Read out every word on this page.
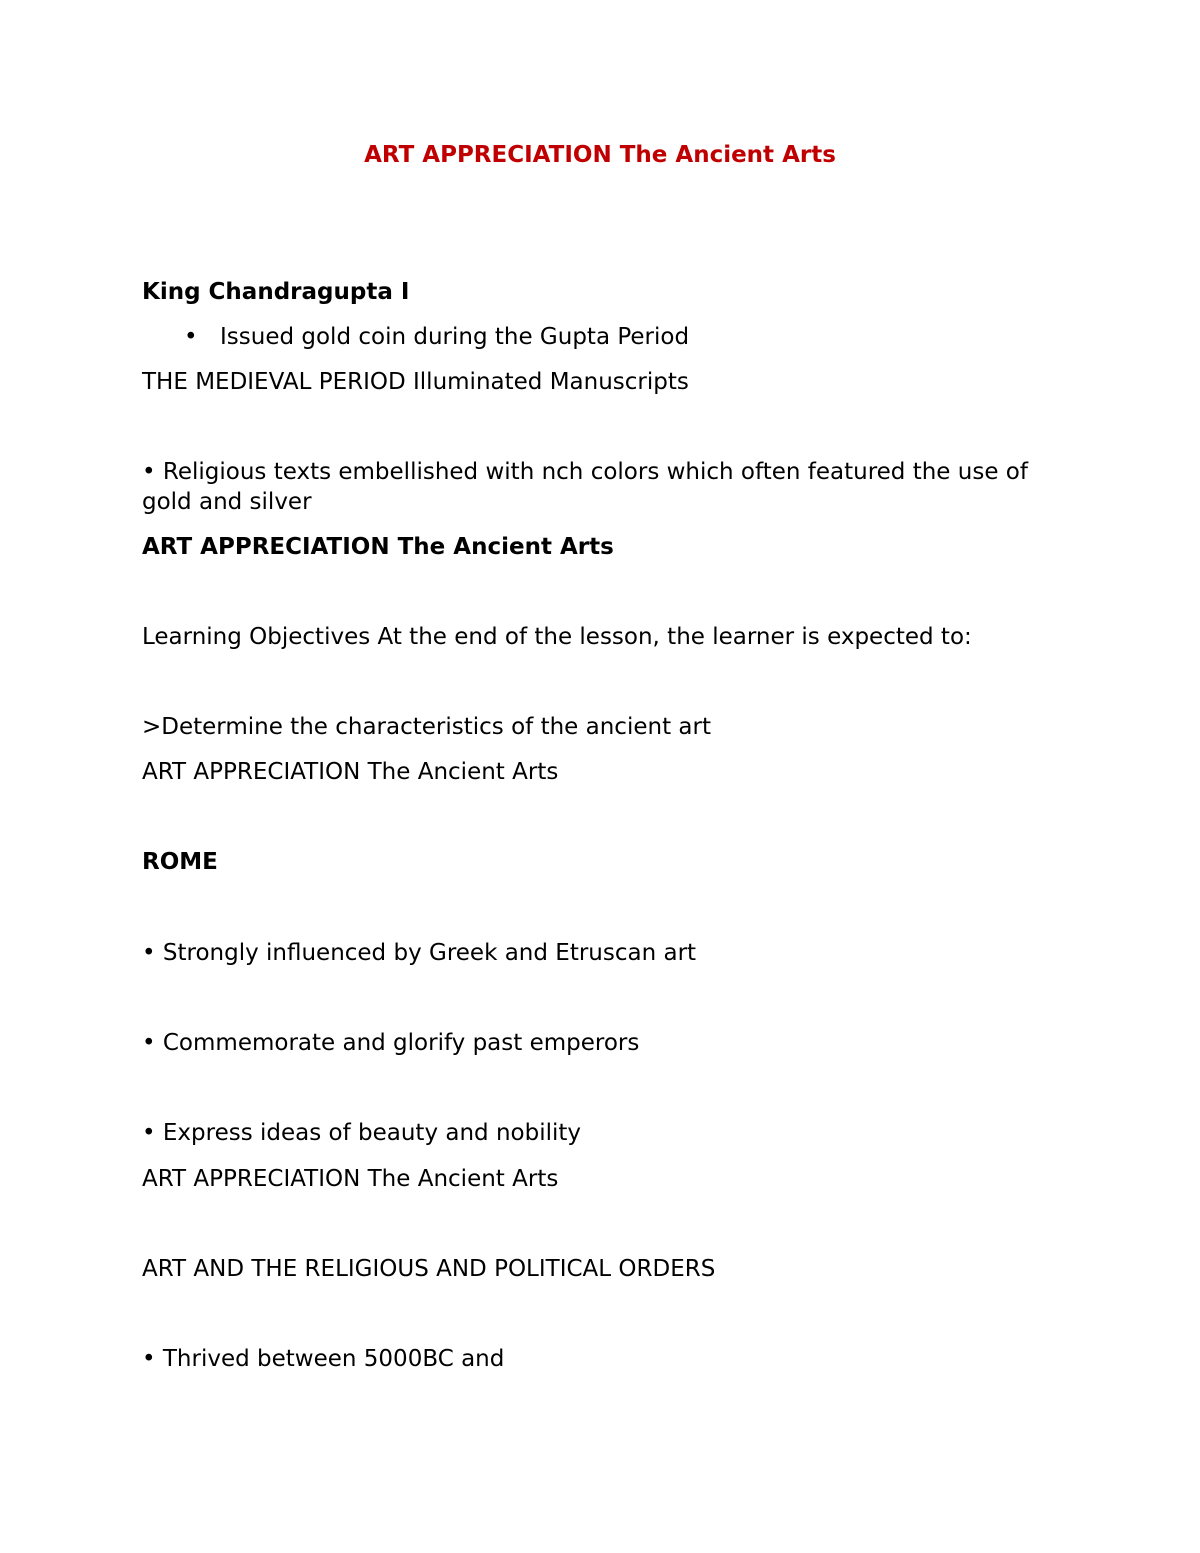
ART APPRECIATION The Ancient Arts
King Chandragupta I
• Issued gold coin during the Gupta Period
THE MEDIEVAL PERIOD Illuminated Manuscripts
• Religious texts embellished with nch colors which often featured the use of gold and silver
ART APPRECIATION The Ancient Arts
Learning Objectives At the end of the lesson, the learner is expected to:
>Determine the characteristics of the ancient art
ART APPRECIATION The Ancient Arts
ROME
• Strongly influenced by Greek and Etruscan art
• Commemorate and glorify past emperors
• Express ideas of beauty and nobility
ART APPRECIATION The Ancient Arts
ART AND THE RELIGIOUS AND POLITICAL ORDERS
• Thrived between 5000BC and
